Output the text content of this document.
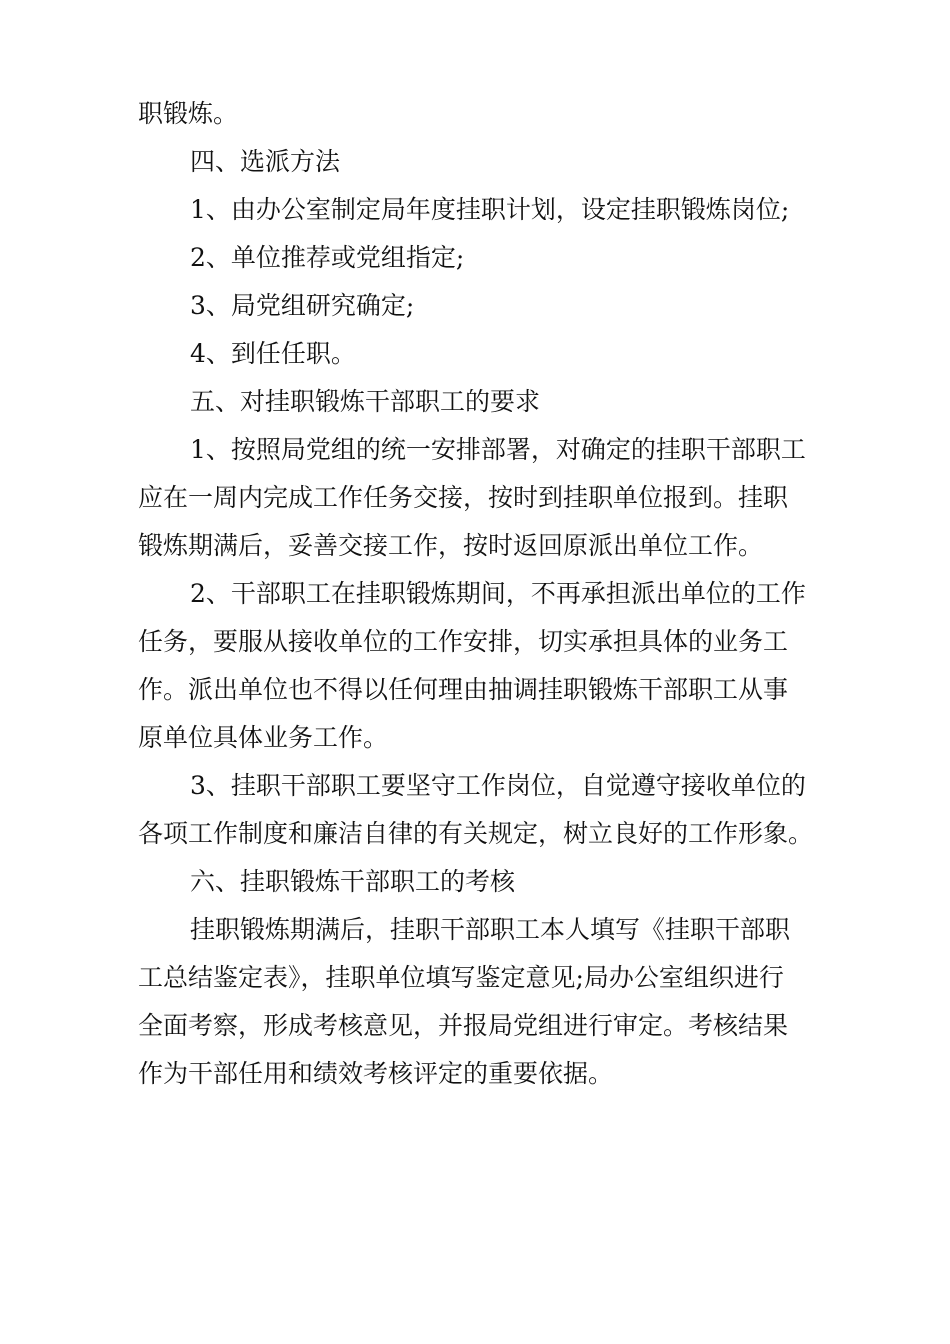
职锻炼。
四、选派方法
1、由办公室制定局年度挂职计划，设定挂职锻炼岗位;
2、单位推荐或党组指定;
3、局党组研究确定;
4、到任任职。
五、对挂职锻炼干部职工的要求
1、按照局党组的统一安排部署，对确定的挂职干部职工
应在一周内完成工作任务交接，按时到挂职单位报到。挂职
锻炼期满后，妥善交接工作，按时返回原派出单位工作。
2、干部职工在挂职锻炼期间，不再承担派出单位的工作
任务，要服从接收单位的工作安排，切实承担具体的业务工
作。派出单位也不得以任何理由抽调挂职锻炼干部职工从事
原单位具体业务工作。
3、挂职干部职工要坚守工作岗位，自觉遵守接收单位的
各项工作制度和廉洁自律的有关规定，树立良好的工作形象。
六、挂职锻炼干部职工的考核
挂职锻炼期满后，挂职干部职工本人填写《挂职干部职
工总结鉴定表》，挂职单位填写鉴定意见;局办公室组织进行
全面考察，形成考核意见，并报局党组进行审定。考核结果
作为干部任用和绩效考核评定的重要依据。
